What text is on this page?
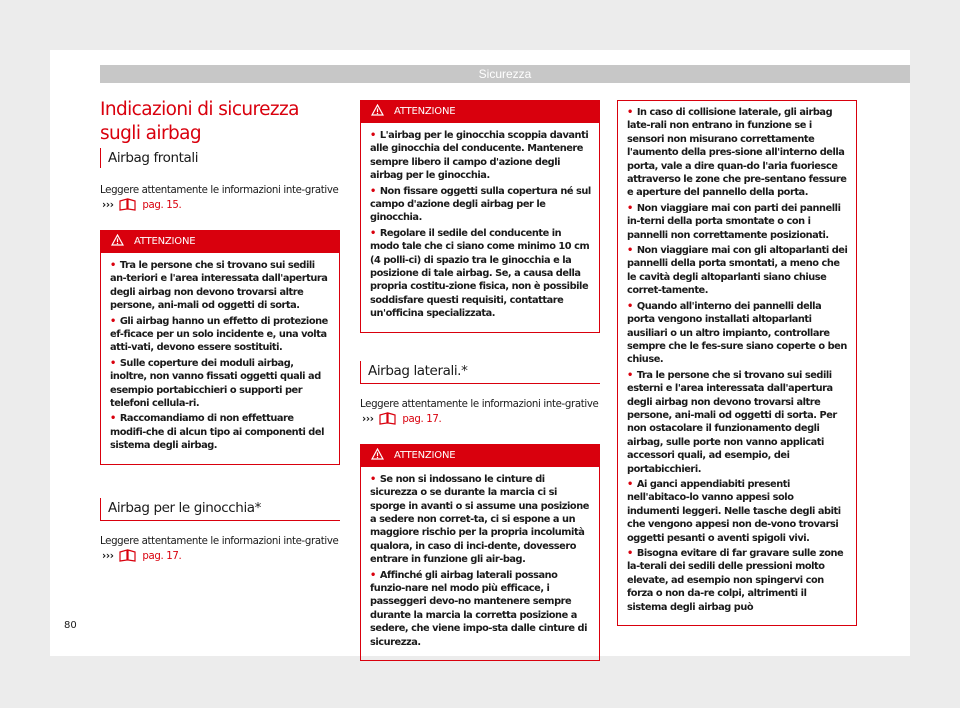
Sicurezza
Indicazioni di sicurezza sugli airbag
Airbag frontali
Leggere attentamente le informazioni inte-grative ›››	pag. 15.
ATTENZIONE

• Tra le persone che si trovano sui sedili an-teriori e l'area interessata dall'apertura degli airbag non devono trovarsi altre persone, ani-mali od oggetti di sorta.

• Gli airbag hanno un effetto di protezione ef-ficace per un solo incidente e, una volta atti-vati, devono essere sostituiti.

• Sulle coperture dei moduli airbag, inoltre, non vanno fissati oggetti quali ad esempio portabicchieri o supporti per telefoni cellula-ri.

• Raccomandiamo di non effettuare modifi-che di alcun tipo ai componenti del sistema degli airbag.

Airbag per le ginocchia*
Leggere attentamente le informazioni inte-grative ›››	pag. 17.
ATTENZIONE

• L'airbag per le ginocchia scoppia davanti alle ginocchia del conducente. Mantenere sempre libero il campo d'azione degli airbag per le ginocchia.

• Non fissare oggetti sulla copertura né sul campo d'azione degli airbag per le ginocchia.

• Regolare il sedile del conducente in modo tale che ci siano come minimo 10 cm (4 polli-ci) di spazio tra le ginocchia e la posizione di tale airbag. Se, a causa della propria costitu-zione fisica, non è possibile soddisfare questi requisiti, contattare un'officina specializzata.

Airbag laterali.*
Leggere attentamente le informazioni inte-grative ›››	pag. 17.
ATTENZIONE

• Se non si indossano le cinture di sicurezza o se durante la marcia ci si sporge in avanti o si assume una posizione a sedere non corret-ta, ci si espone a un maggiore rischio per la propria incolumità qualora, in caso di inci-dente, dovessero entrare in funzione gli air-bag.

• Affinché gli airbag laterali possano funzio-nare nel modo più efficace, i passeggeri devo-no mantenere sempre durante la marcia la corretta posizione a sedere, che viene impo-sta dalle cinture di sicurezza.

• In caso di collisione laterale, gli airbag late-rali non entrano in funzione se i sensori non misurano correttamente l'aumento della pres-sione all'interno della porta, vale a dire quan-do l'aria fuoriesce attraverso le zone che pre-sentano fessure e aperture del pannello della porta.

• Non viaggiare mai con parti dei pannelli in-terni della porta smontate o con i pannelli non correttamente posizionati.

• Non viaggiare mai con gli altoparlanti dei pannelli della porta smontati, a meno che le cavità degli altoparlanti siano chiuse corret-tamente.

• Quando all'interno dei pannelli della porta vengono installati altoparlanti ausiliari o un altro impianto, controllare sempre che le fes-sure siano coperte o ben chiuse.

• Tra le persone che si trovano sui sedili esterni e l'area interessata dall'apertura degli airbag non devono trovarsi altre persone, ani-mali od oggetti di sorta. Per non ostacolare il funzionamento degli airbag, sulle porte non vanno applicati accessori quali, ad esempio, dei portabicchieri.

• Ai ganci appendiabiti presenti nell'abitaco-lo vanno appesi solo indumenti leggeri. Nelle tasche degli abiti che vengono appesi non de-vono trovarsi oggetti pesanti o aventi spigoli vivi.

• Bisogna evitare di far gravare sulle zone la-terali dei sedili delle pressioni molto elevate, ad esempio non spingervi con forza o non da-re colpi, altrimenti il sistema degli airbag può

80
